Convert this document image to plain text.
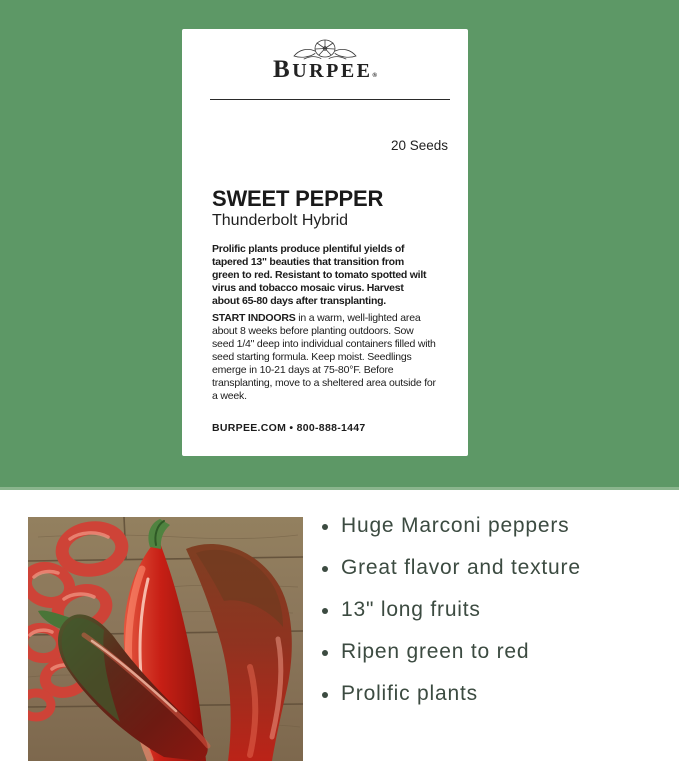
BURPEE®
20 Seeds
SWEET PEPPER
Thunderbolt Hybrid

Prolific plants produce plentiful yields of tapered 13" beauties that transition from green to red. Resistant to tomato spotted wilt virus and tobacco mosaic virus. Harvest about 65-80 days after transplanting.

START INDOORS in a warm, well-lighted area about 8 weeks before planting outdoors. Sow seed 1/4" deep into individual containers filled with seed starting formula. Keep moist. Seedlings emerge in 10-21 days at 75-80°F. Before transplanting, move to a sheltered area outside for a week.

BURPEE.COM • 800-888-1447

Huge Marconi peppers
Great flavor and texture
13" long fruits
Ripen green to red
Prolific plants
